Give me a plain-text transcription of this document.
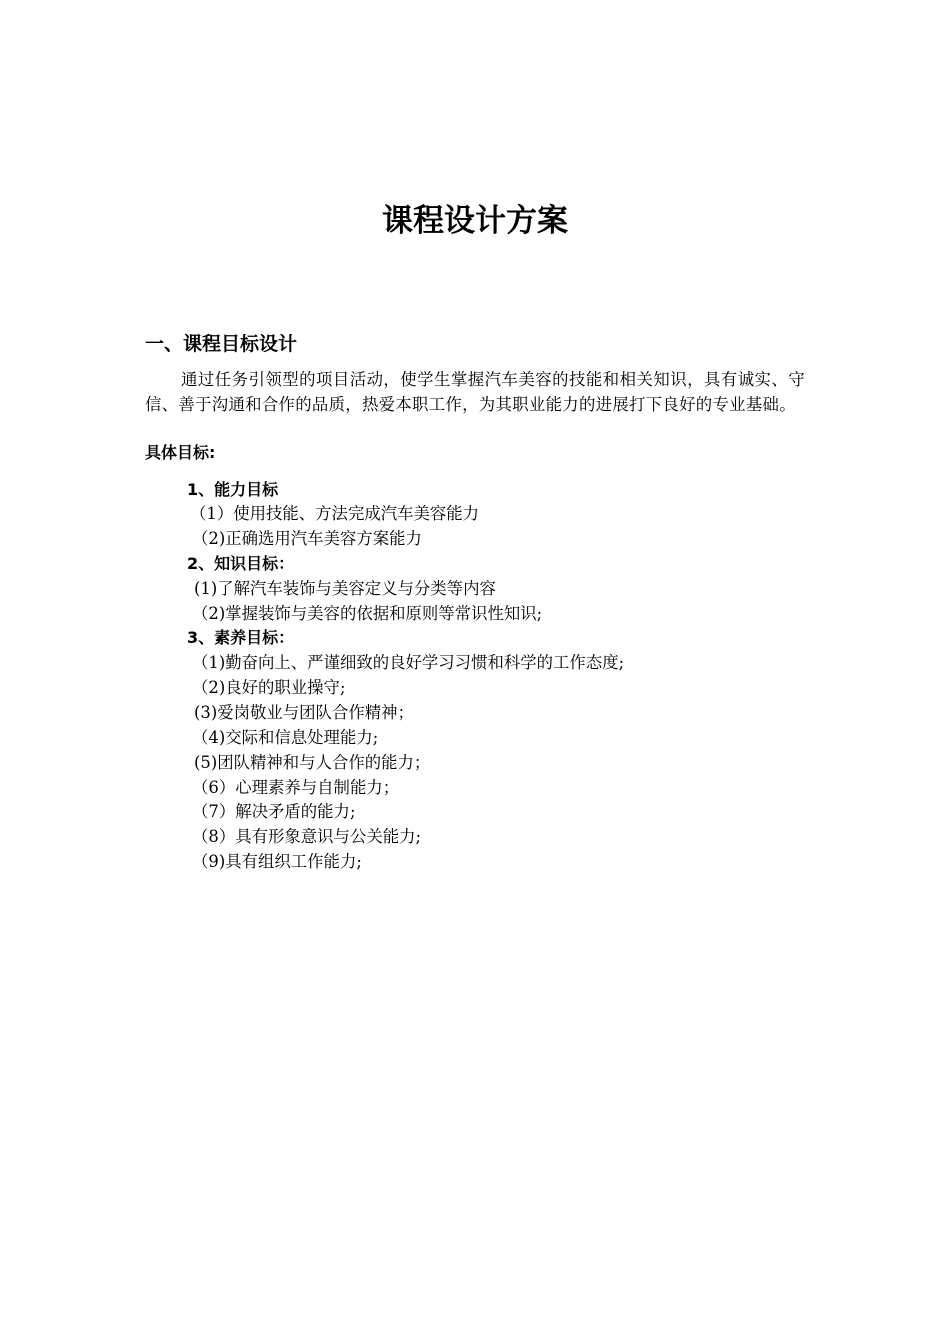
课程设计方案
一、课程目标设计

通过任务引领型的项目活动，使学生掌握汽车美容的技能和相关知识，具有诚实、守信、善于沟通和合作的品质，热爱本职工作，为其职业能力的进展打下良好的专业基础。

具体目标:

1、能力目标

（1）使用技能、方法完成汽车美容能力

（2)正确选用汽车美容方案能力

2、知识目标：

(1)了解汽车装饰与美容定义与分类等内容

（2)掌握装饰与美容的依据和原则等常识性知识;

3、素养目标：

（1)勤奋向上、严谨细致的良好学习习惯和科学的工作态度;

（2)良好的职业操守;

(3)爱岗敬业与团队合作精神；

（4)交际和信息处理能力;

(5)团队精神和与人合作的能力；

（6）心理素养与自制能力；

（7）解决矛盾的能力;

（8）具有形象意识与公关能力;

（9)具有组织工作能力;
